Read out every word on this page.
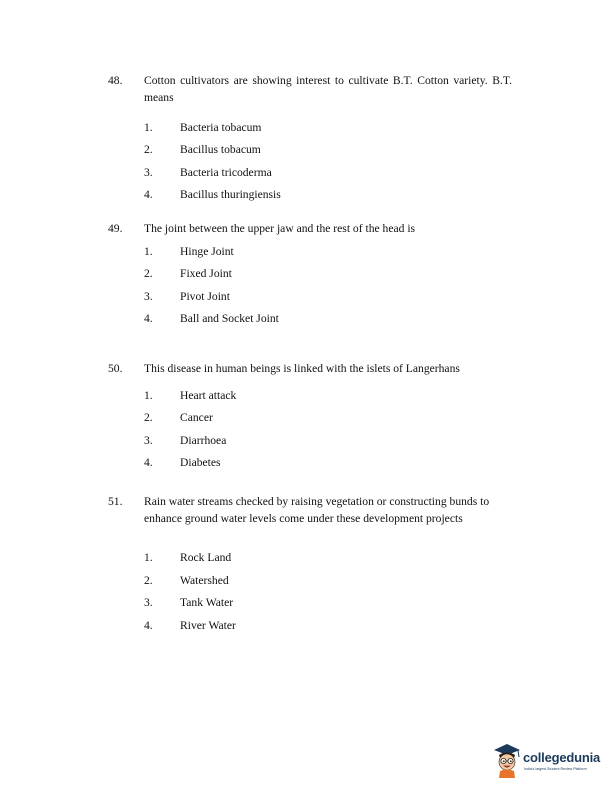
48. Cotton cultivators are showing interest to cultivate B.T. Cotton variety. B.T. means
1. Bacteria tobacum
2. Bacillus tobacum
3. Bacteria tricoderma
4. Bacillus thuringiensis
49. The joint between the upper jaw and the rest of the head is
1. Hinge Joint
2. Fixed Joint
3. Pivot Joint
4. Ball and Socket Joint
50. This disease in human beings is linked with the islets of Langerhans
1. Heart attack
2. Cancer
3. Diarrhoea
4. Diabetes
51. Rain water streams checked by raising vegetation or constructing bunds to enhance ground water levels come under these development projects
1. Rock Land
2. Watershed
3. Tank Water
4. River Water
collegedunia
India's largest Student Review Platform
